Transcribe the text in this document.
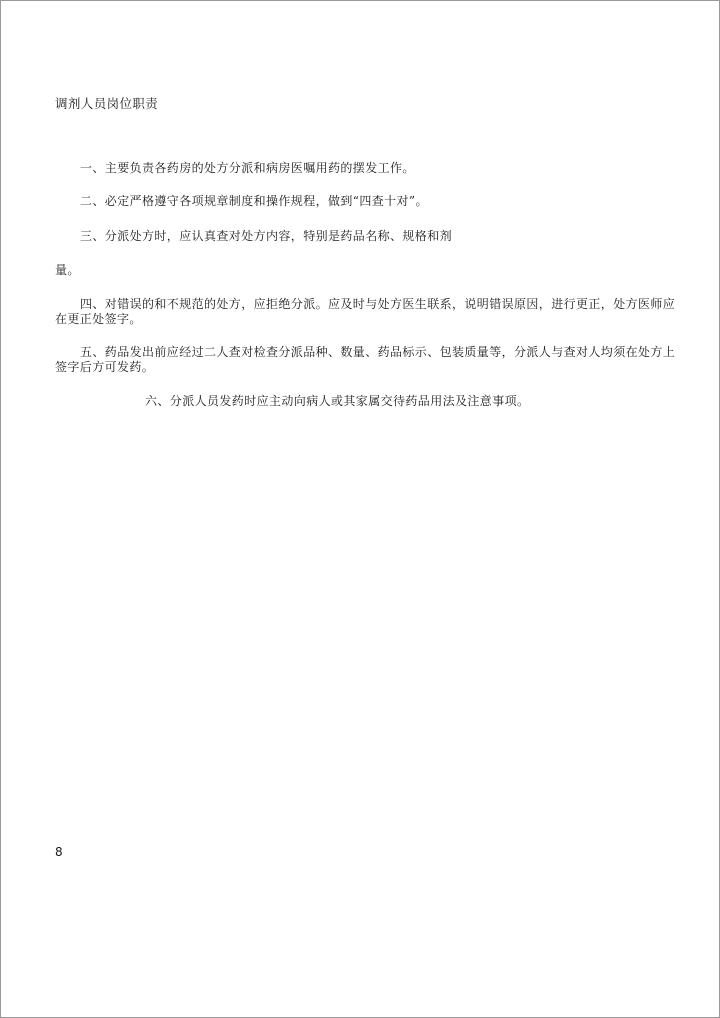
调剂人员岗位职责
一、主要负责各药房的处方分派和病房医嘱用药的摆发工作。
二、必定严格遵守各项规章制度和操作规程，做到“四查十对”。
三、分派处方时，应认真查对处方内容，特别是药品名称、规格和剂
量。
四、对错误的和不规范的处方，应拒绝分派。应及时与处方医生联系，说明错误原因，进行更正，处方医师应
在更正处签字。
五、药品发出前应经过二人查对检查分派品种、数量、药品标示、包装质量等，分派人与查对人均须在处方上
签字后方可发药。
六、分派人员发药时应主动向病人或其家属交待药品用法及注意事项。
8
